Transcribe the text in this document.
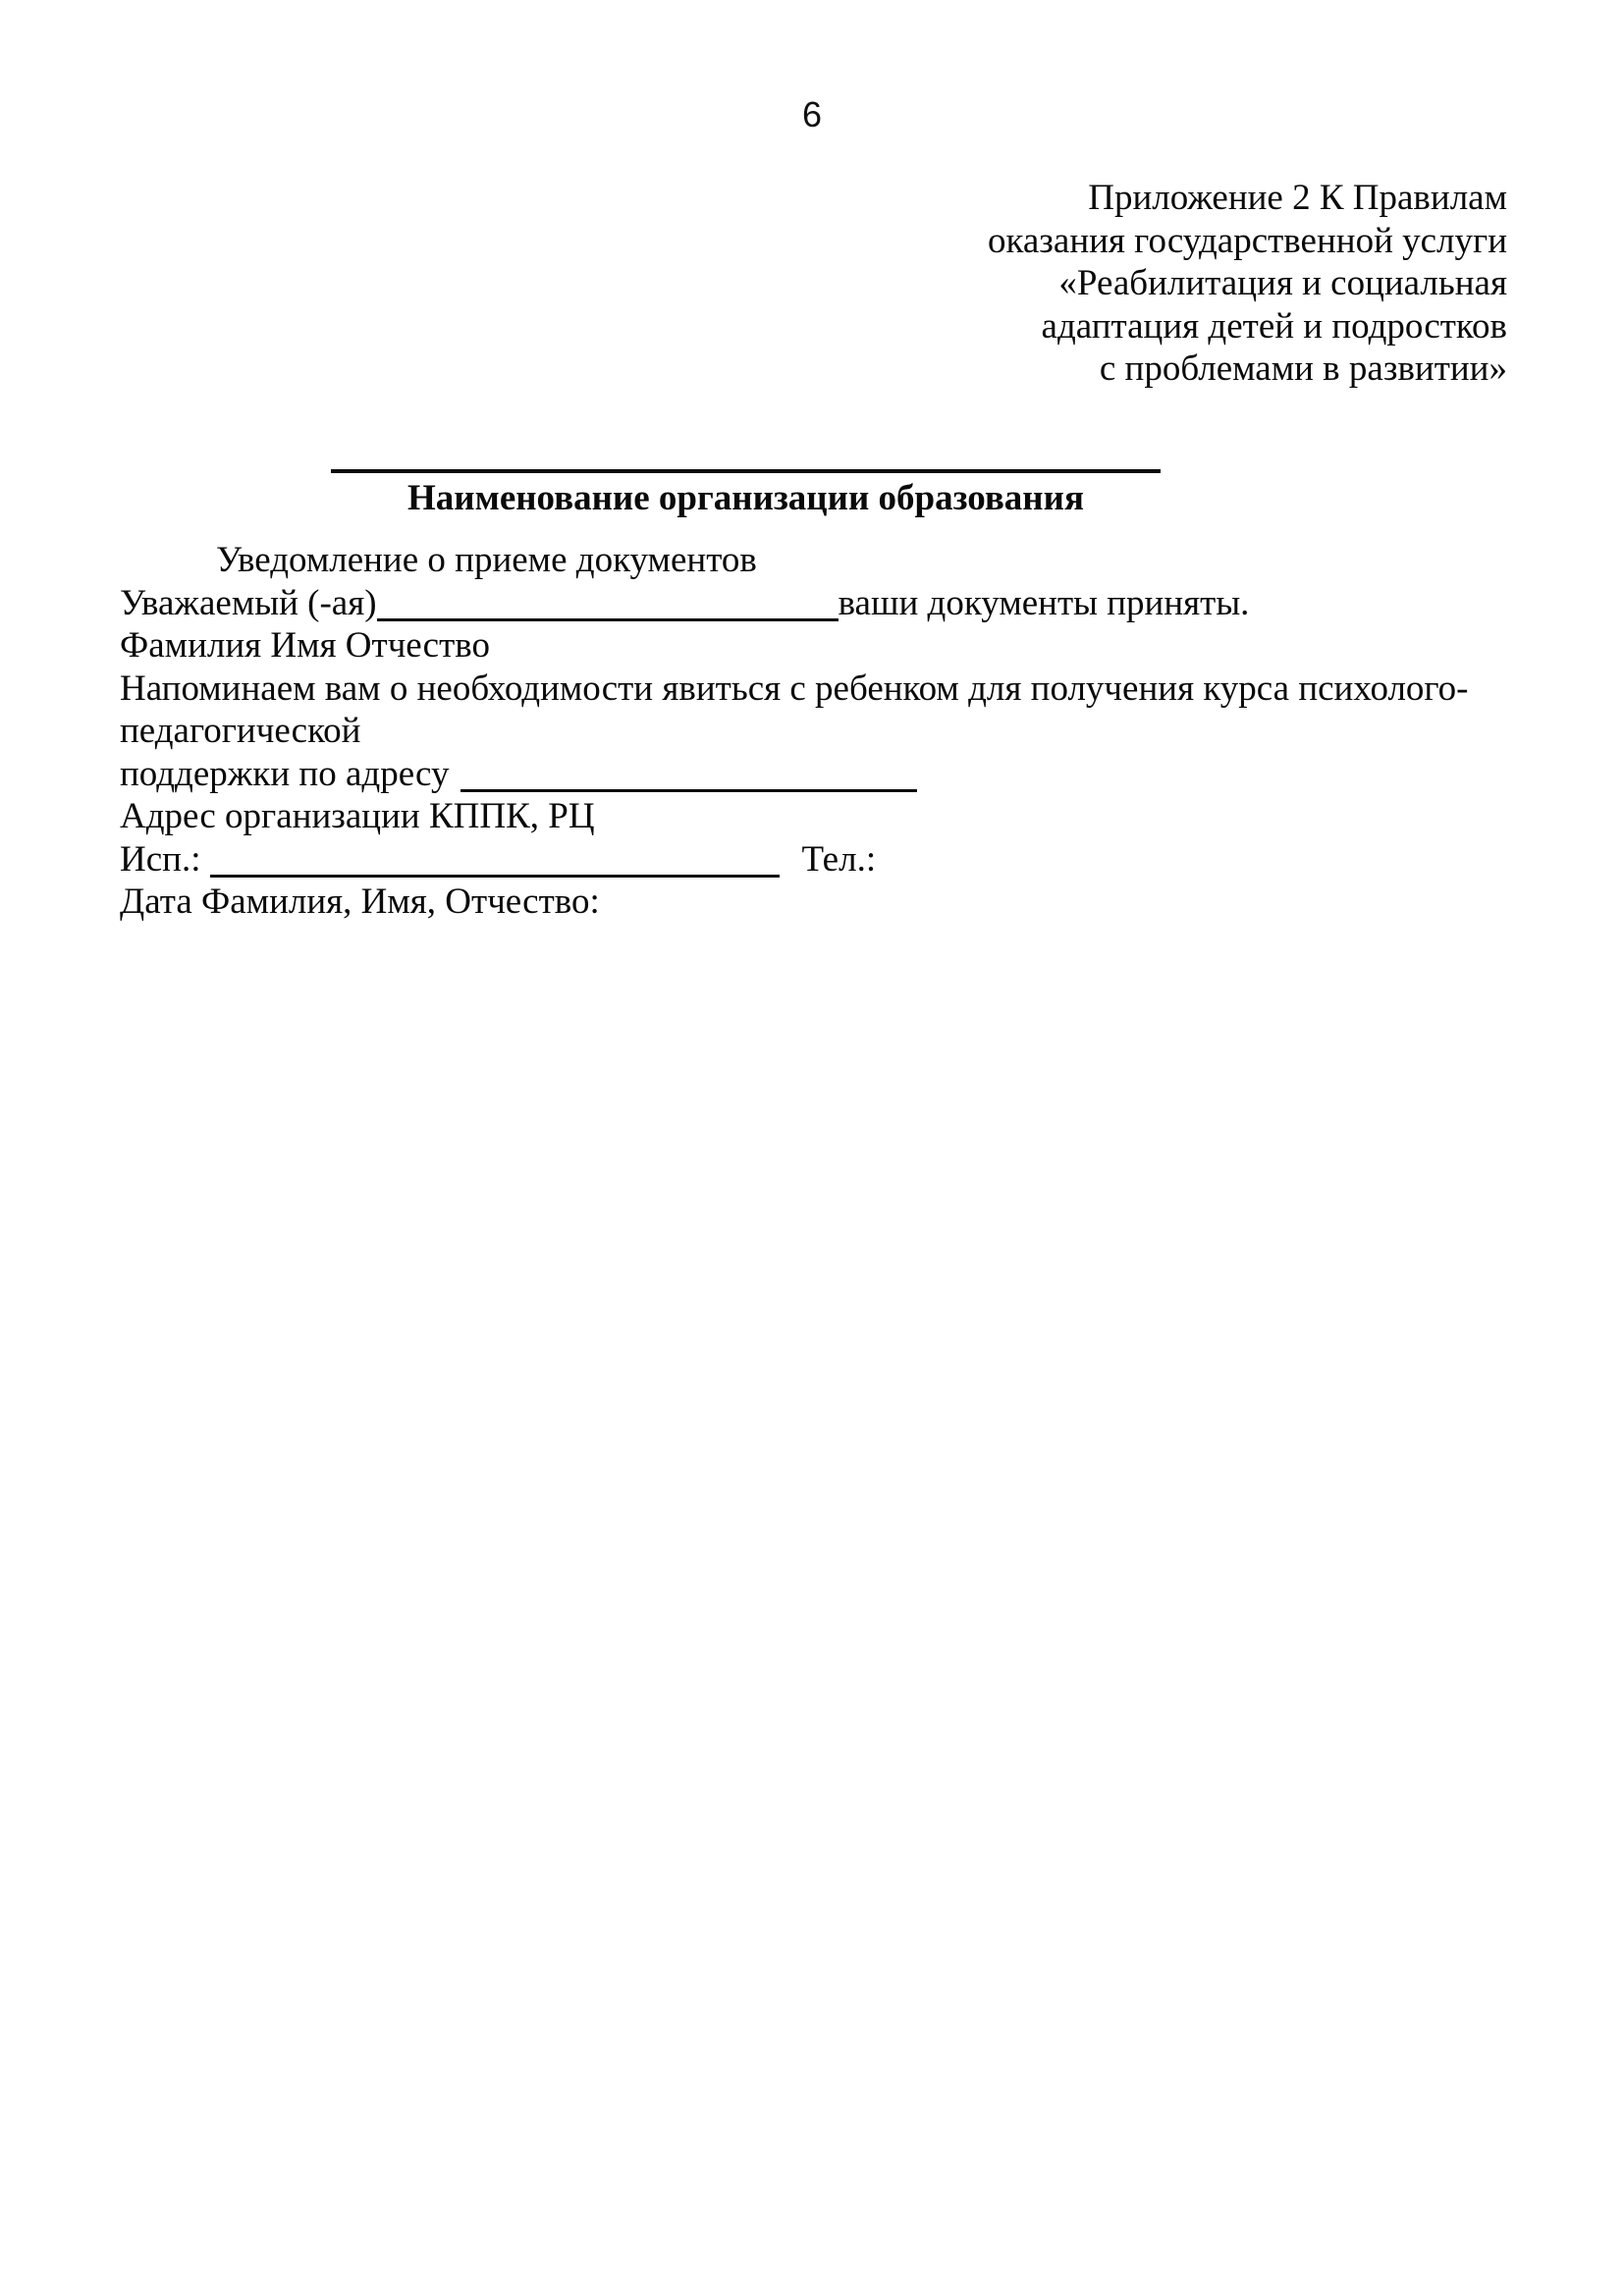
6
Приложение 2 К Правилам
оказания государственной услуги
«Реабилитация и социальная
адаптация детей и подростков
с проблемами в развитии»
Наименование организации образования
Уведомление о приеме документов
Уважаемый (-ая)	ваши документы приняты.
Фамилия Имя Отчество
Напоминаем вам о необходимости явиться с ребенком для получения курса психолого-
педагогической
поддержки по адресу
Адрес организации КППК, РЦ
Исп.:	Тел.:
Дата Фамилия, Имя, Отчество:
